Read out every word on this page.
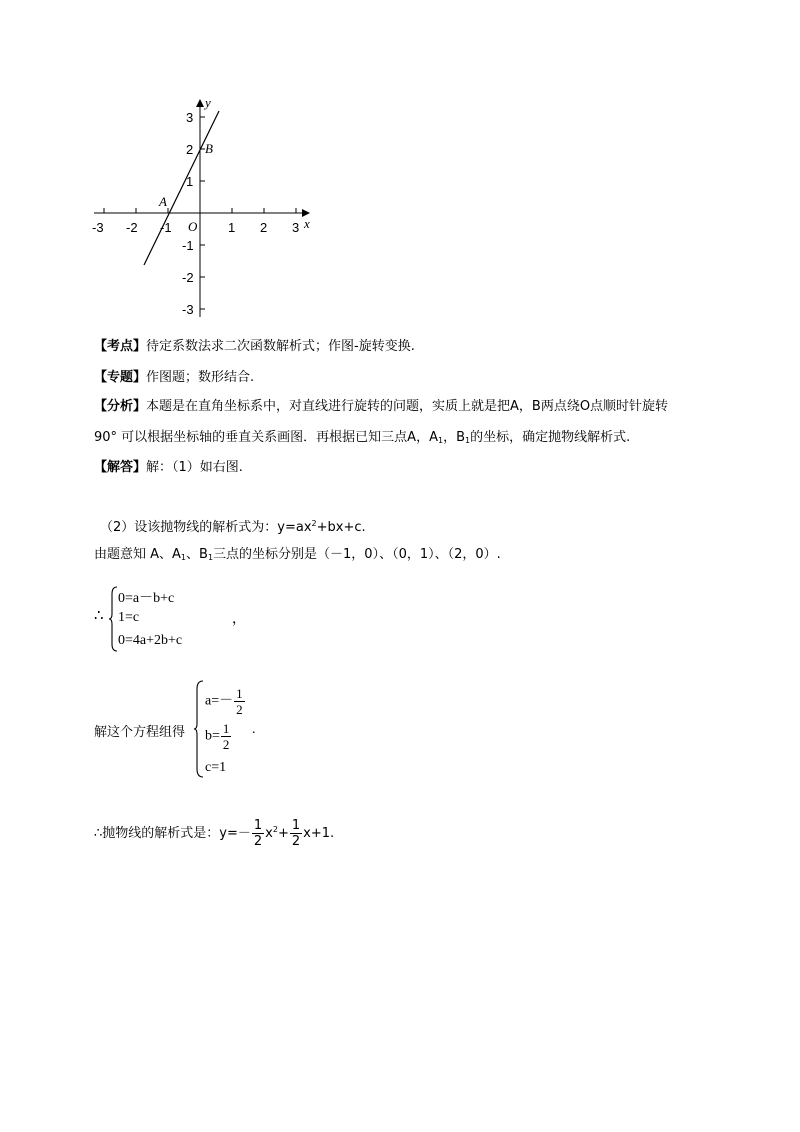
-3 -2 -1	1 2 3
3
2
1
-1
-2
-3
x
y
O
A
B
【考点】待定系数法求二次函数解析式；作图-旋转变换.
【专题】作图题；数形结合.
【分析】本题是在直角坐标系中，对直线进行旋转的问题，实质上就是把A，B两点绕O点顺时针旋转
90° 可以根据坐标轴的垂直关系画图．再根据已知三点A，$A_1$，$B_1$的坐标，确定抛物线解析式.
【解答】解：（1）如右图.
（2）设该抛物线的解析式为：$y=ax^2+bx+c$.
由题意知 A、$A_1$、$B_1$三点的坐标分别是（－1，0）、（0，1）、（2，0）.
∴
0=a－b+c
1=c	，
0=4a+2b+c
解这个方程组得
$a=- \frac{1}{2}$
$b= \frac{1}{2}$ .
c=1
∴抛物线的解析式是：$y=- \frac{1}{2}$ x $2 + \frac{1}{2} x+1$.
